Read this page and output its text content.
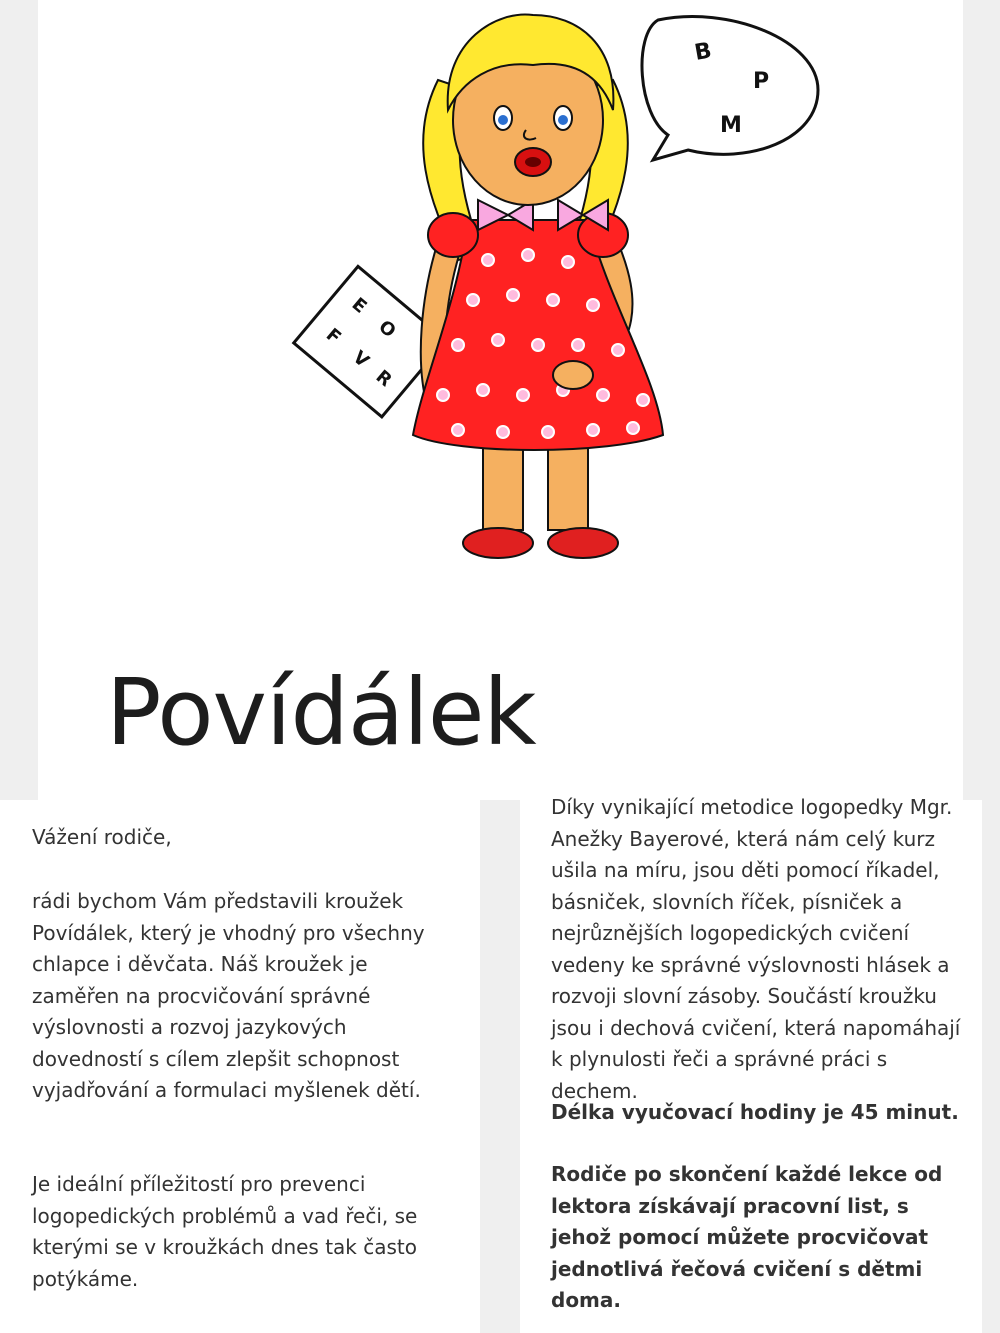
B
P
M
E
O
F
V
R
Povídálek

Vážení rodiče,

rádi bychom Vám představili kroužek Povídálek, který je vhodný pro všechny chlapce i děvčata. Náš kroužek je zaměřen na procvičování správné výslovnosti a rozvoj jazykových dovedností s cílem zlepšit schopnost vyjadřování a formulaci myšlenek dětí.

Je ideální příležitostí pro prevenci logopedických problémů a vad řeči, se kterými se v kroužkách dnes tak často potýkáme.

Díky vynikající metodice logopedky Mgr. Anežky Bayerové, která nám celý kurz ušila na míru, jsou děti pomocí říkadel, básniček, slovních říček, písniček a nejrůznějších logopedických cvičení vedeny ke správné výslovnosti hlásek a rozvoji slovní zásoby. Součástí kroužku jsou i dechová cvičení, která napomáhají k plynulosti řeči a správné práci s dechem.

Délka vyučovací hodiny je 45 minut.

Rodiče po skončení každé lekce od lektora získávají pracovní list, s jehož pomocí můžete procvičovat jednotlivá řečová cvičení s dětmi doma.
